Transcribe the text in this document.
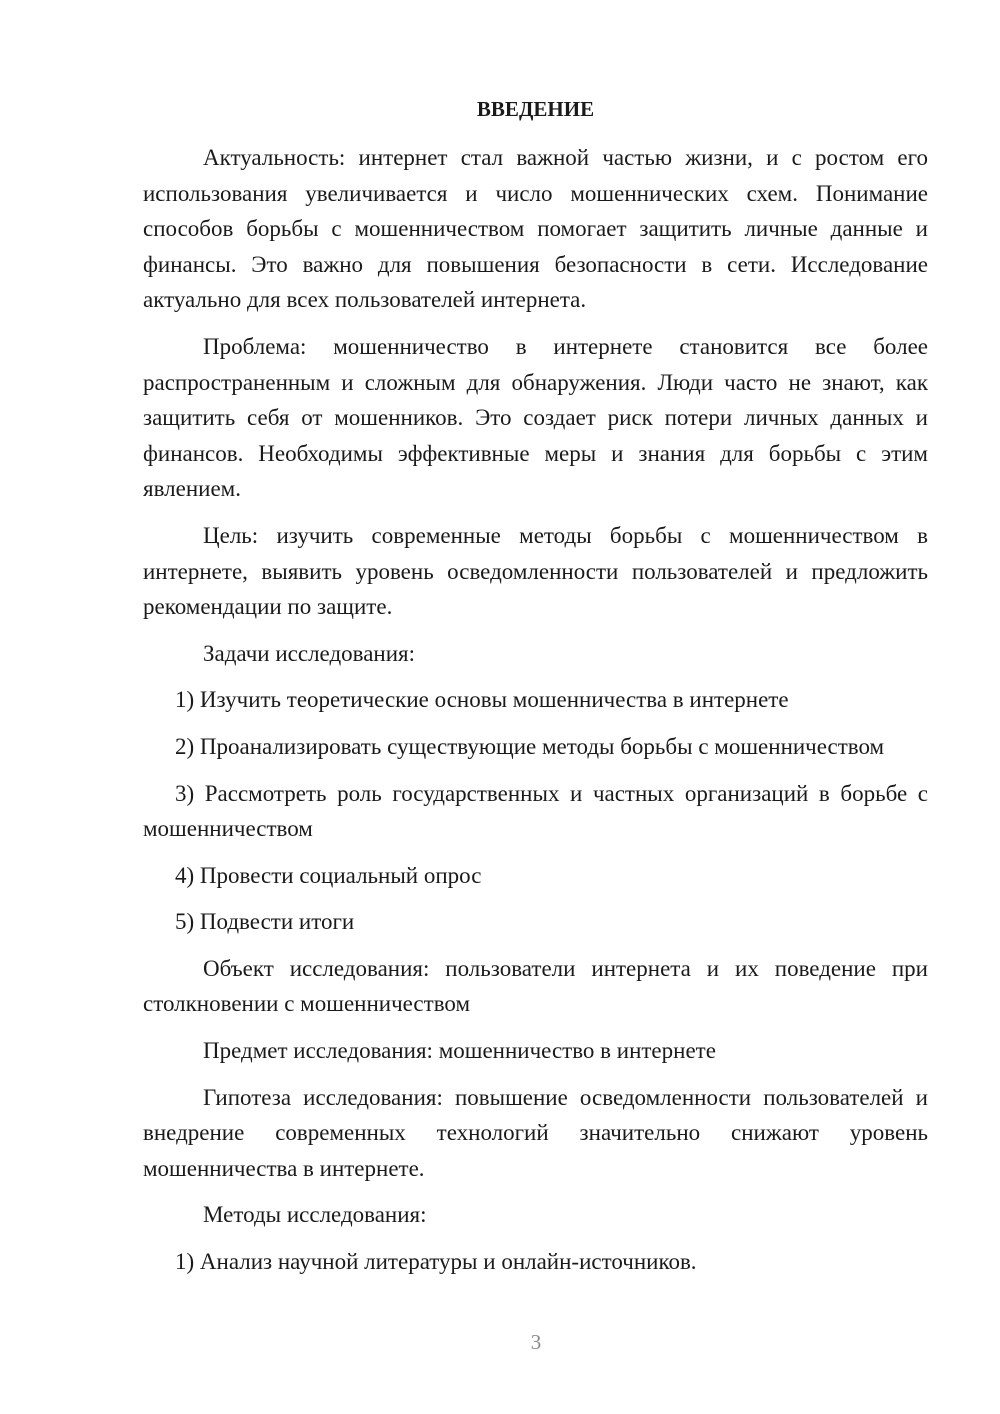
ВВЕДЕНИЕ

Актуальность: интернет стал важной частью жизни, и с ростом его использования увеличивается и число мошеннических схем. Понимание способов борьбы с мошенничеством помогает защитить личные данные и финансы. Это важно для повышения безопасности в сети. Исследование актуально для всех пользователей интернета.

Проблема: мошенничество в интернете становится все более распространенным и сложным для обнаружения. Люди часто не знают, как защитить себя от мошенников. Это создает риск потери личных данных и финансов. Необходимы эффективные меры и знания для борьбы с этим явлением.

Цель: изучить современные методы борьбы с мошенничеством в интернете, выявить уровень осведомленности пользователей и предложить рекомендации по защите.

Задачи исследования:

1) Изучить теоретические основы мошенничества в интернете

2) Проанализировать существующие методы борьбы с мошенничеством

3) Рассмотреть роль государственных и частных организаций в борьбе с мошенничеством

4) Провести социальный опрос

5) Подвести итоги

Объект исследования: пользователи интернета и их поведение при столкновении с мошенничеством

Предмет исследования: мошенничество в интернете

Гипотеза исследования: повышение осведомленности пользователей и внедрение современных технологий значительно снижают уровень мошенничества в интернете.

Методы исследования:

1) Анализ научной литературы и онлайн-источников.

3
